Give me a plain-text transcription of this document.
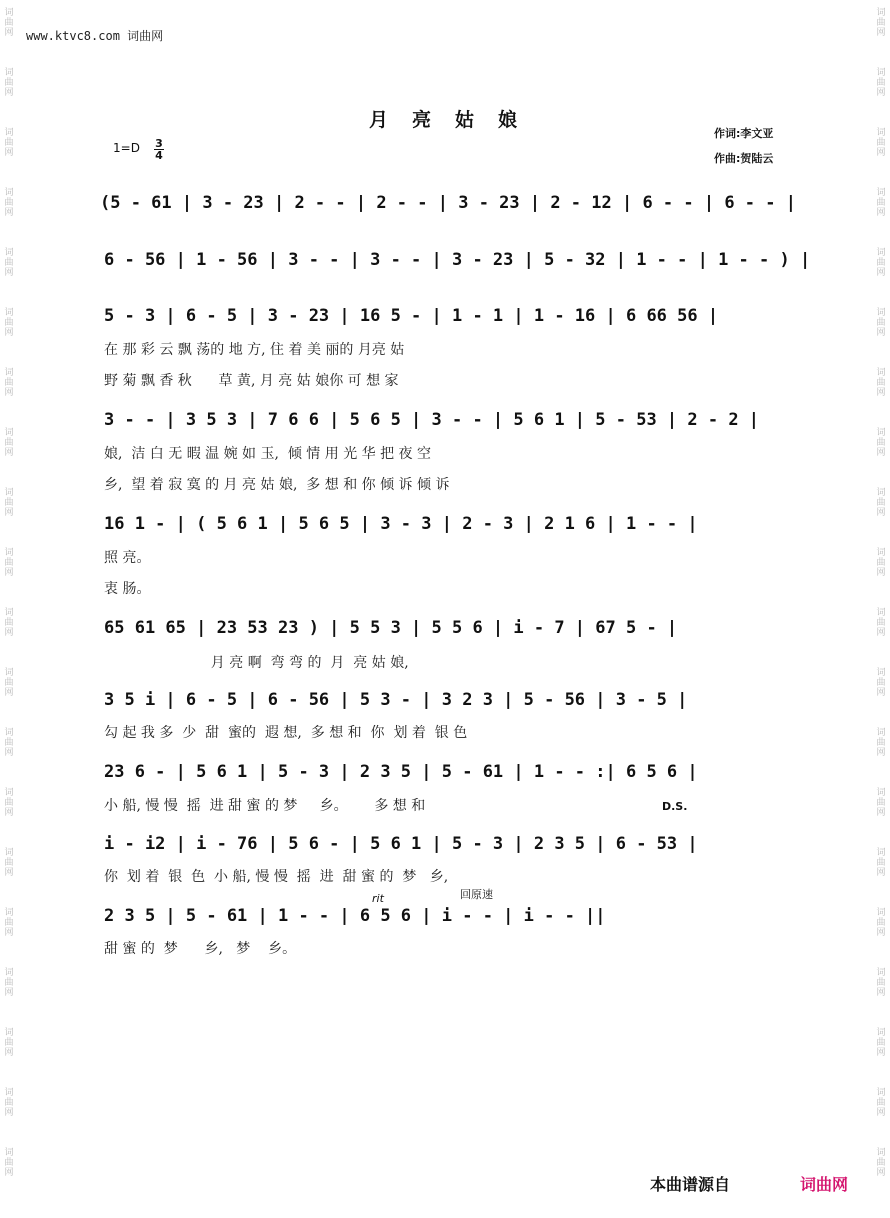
词
曲
网
词
曲
网
词
曲
网
词
曲
网
词
曲
网
词
曲
网
词
曲
网
词
曲
网
词
曲
网
词
曲
网
词
曲
网
词
曲
网
词
曲
网
词
曲
网
词
曲
网
词
曲
网
词
曲
网
词
曲
网
词
曲
网
词
曲
网
词
曲
网
词
曲
网
词
曲
网
词
曲
网
词
曲
网
词
曲
网
词
曲
网
词
曲
网
词
曲
网
词
曲
网
词
曲
网
词
曲
网
词
曲
网
词
曲
网
词
曲
网
词
曲
网
词
曲
网
词
曲
网
词
曲
网
词
曲
网
www.ktvc8.com 词曲网
月亮姑娘
作词:李文亚
作曲:贺陆云
1=D 3
4
(5 - 61 | 3 - 23 | 2 - - | 2 - - | 3 - 23 | 2 - 12 | 6 - - | 6 - - |
6 - 56 | 1 - 56 | 3 - - | 3 - - | 3 - 23 | 5 - 32 | 1 - - | 1 - - ) |
5 - 3 | 6 - 5 | 3 - 23 | 16 5 - | 1 - 1 | 1 - 16 | 6 66 56 |
在 那 彩 云 飘 荡的 地 方, 住 着 美 丽的 月亮 姑
野 菊 飘 香 秋      草 黄, 月 亮 姑 娘你 可 想 家
3 - - | 3 5 3 | 7 6 6 | 5 6 5 | 3 - - | 5 6 1 | 5 - 53 | 2 - 2 |
娘,  洁 白 无 暇 温 婉 如 玉,  倾 情 用 光 华 把 夜 空
乡,  望 着 寂 寞 的 月 亮 姑 娘,  多 想 和 你 倾 诉 倾 诉
16 1 - | ( 5 6 1 | 5 6 5 | 3 - 3 | 2 - 3 | 2 1 6 | 1 - - |
照 亮。
衷 肠。
65 61 65 | 23 53 23 ) | 5 5 3 | 5 5 6 | i - 7 | 67 5 - |
月 亮 啊  弯 弯 的  月  亮 姑 娘,
3 5 i | 6 - 5 | 6 - 56 | 5 3 - | 3 2 3 | 5 - 56 | 3 - 5 |
勾 起 我 多  少  甜  蜜的  遐 想,  多 想 和  你  划 着  银 色
23 6 - | 5 6 1 | 5 - 3 | 2 3 5 | 5 - 61 | 1 - - :| 6 5 6 |
小 船, 慢 慢  摇  进 甜 蜜 的 梦     乡。      多 想 和	D.S.
i - i2 | i - 76 | 5 6 - | 5 6 1 | 5 - 3 | 2 3 5 | 6 - 53 |
你  划 着  银  色  小 船, 慢 慢  摇  进  甜 蜜 的  梦   乡,
rit	回原速
2 3 5 | 5 - 61 | 1 - - | 6 5 6 | i - - | i - - ||
甜 蜜 的  梦      乡,   梦    乡。
本曲谱源自	词曲网
